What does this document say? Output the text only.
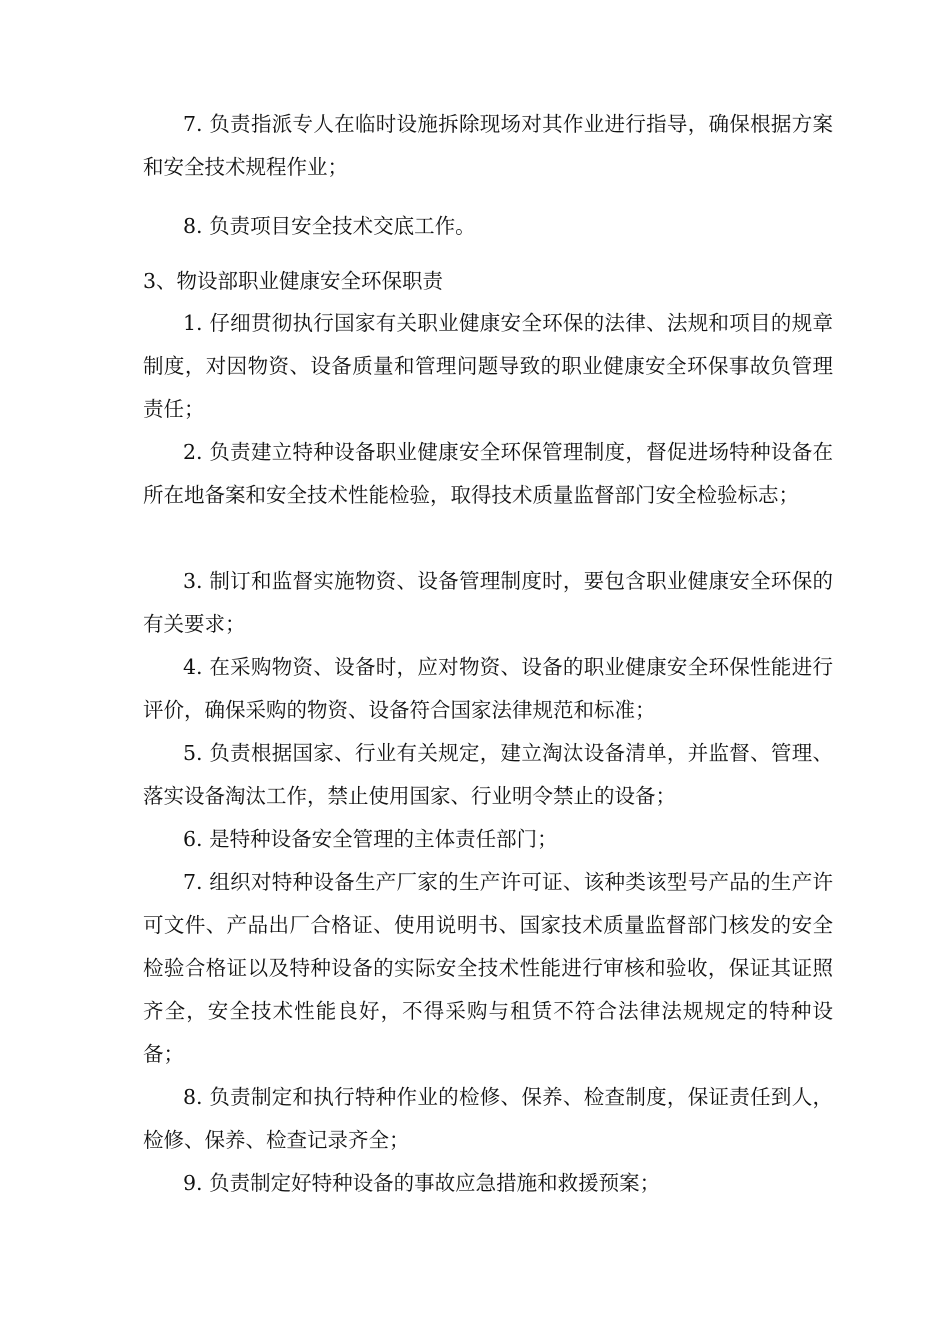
7. 负责指派专人在临时设施拆除现场对其作业进行指导，确保根据方案和安全技术规程作业；

8. 负责项目安全技术交底工作。

3、物设部职业健康安全环保职责

1. 仔细贯彻执行国家有关职业健康安全环保的法律、法规和项目的规章制度，对因物资、设备质量和管理问题导致的职业健康安全环保事故负管理责任；

2. 负责建立特种设备职业健康安全环保管理制度，督促进场特种设备在所在地备案和安全技术性能检验，取得技术质量监督部门安全检验标志；

3. 制订和监督实施物资、设备管理制度时，要包含职业健康安全环保的有关要求；

4. 在采购物资、设备时，应对物资、设备的职业健康安全环保性能进行评价，确保采购的物资、设备符合国家法律规范和标准；

5. 负责根据国家、行业有关规定，建立淘汰设备清单，并监督、管理、落实设备淘汰工作，禁止使用国家、行业明令禁止的设备；

6. 是特种设备安全管理的主体责任部门；

7. 组织对特种设备生产厂家的生产许可证、该种类该型号产品的生产许可文件、产品出厂合格证、使用说明书、国家技术质量监督部门核发的安全检验合格证以及特种设备的实际安全技术性能进行审核和验收，保证其证照齐全，安全技术性能良好，不得采购与租赁不符合法律法规规定的特种设备；

8. 负责制定和执行特种作业的检修、保养、检查制度，保证责任到人，检修、保养、检查记录齐全；

9. 负责制定好特种设备的事故应急措施和救援预案；
